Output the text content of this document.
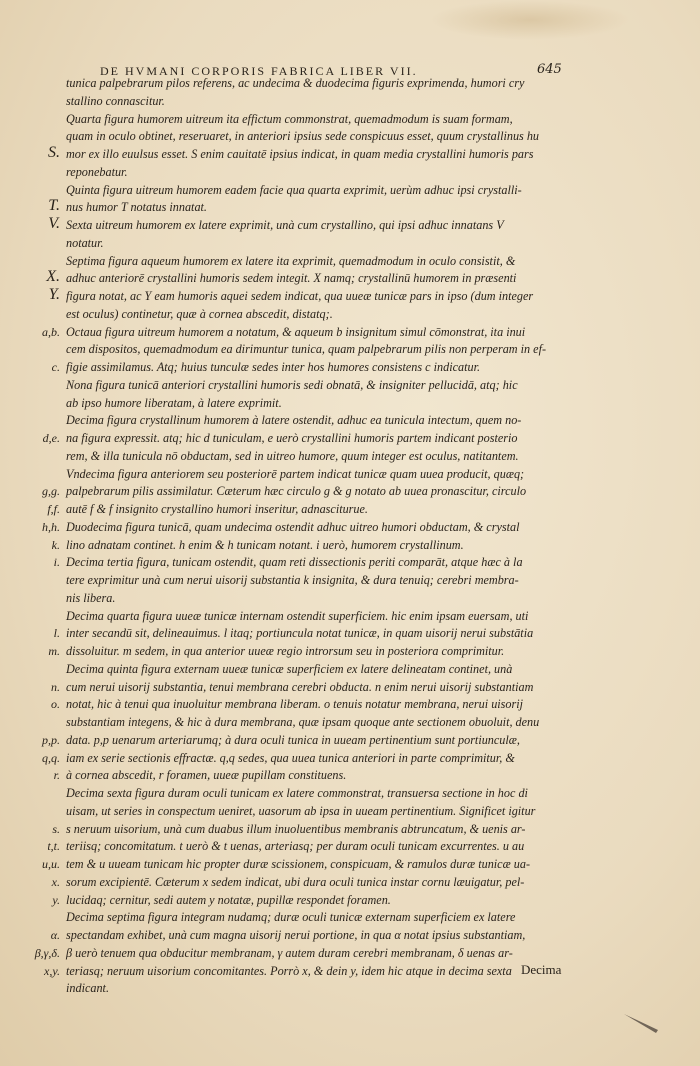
DE HVMANI CORPORIS FABRICA LIBER VII.	645
tunica palpebrarum pilos referens, ac undecima & duodecima figuris exprimenda, humori cry
stallino connascitur.
Quarta figura humorem uitreum ita effictum commonstrat, quemadmodum is suam formam,
quam in oculo obtinet, reseruaret, in anteriori ipsius sede conspicuus esset, quum crystallinus hu
S. mor ex illo euulsus esset. S enim cauitatē ipsius indicat, in quam media crystallini humoris pars
reponebatur.
Quinta figura uitreum humorem eadem facie qua quarta exprimit, uerùm adhuc ipsi crystalli-
T. nus humor T notatus innatat.
V. Sexta uitreum humorem ex latere exprimit, unà cum crystallino, qui ipsi adhuc innatans V
notatur.
Septima figura aqueum humorem ex latere ita exprimit, quemadmodum in oculo consistit, &
X. adhuc anteriorē crystallini humoris sedem integit. X namq; crystallinū humorem in præsenti
Y. figura notat, ac Y eam humoris aquei sedem indicat, qua uueæ tunicæ pars in ipso (dum integer
est oculus) continetur, quæ à cornea abscedit, distatq;.
a,b. Octaua figura uitreum humorem a notatum, & aqueum b insignitum simul cōmonstrat, ita inui
cem dispositos, quemadmodum ea dirimuntur tunica, quam palpebrarum pilis non perperam in ef-
c. figie assimilamus. Atq; huius tunculæ sedes inter hos humores consistens c indicatur.
Nona figura tunicā anteriori crystallini humoris sedi obnatā, & insigniter pellucidā, atq; hic
ab ipso humore liberatam, à latere exprimit.
Decima figura crystallinum humorem à latere ostendit, adhuc ea tunicula intectum, quem no-
d,e. na figura expressit. atq; hic d tuniculam, e uerò crystallini humoris partem indicant posterio
rem, & illa tunicula nō obductam, sed in uitreo humore, quum integer est oculus, natitantem.
Vndecima figura anteriorem seu posteriorē partem indicat tunicæ quam uuea producit, quæq;
g,g. palpebrarum pilis assimilatur. Cæterum hæc circulo g & g notato ab uuea pronascitur, circulo
f,f. autē f & f insignito crystallino humori inseritur, adnasciturue.
h,h. Duodecima figura tunicā, quam undecima ostendit adhuc uitreo humori obductam, & crystal
k. lino adnatam continet. h enim & h tunicam notant. i uerò, humorem crystallinum.
i. Decima tertia figura, tunicam ostendit, quam reti dissectionis periti comparāt, atque hæc à la
tere exprimitur unà cum nerui uisorij substantia k insignita, & dura tenuiq; cerebri membra-
nis libera.
Decima quarta figura uueæ tunicæ internam ostendit superficiem. hic enim ipsam euersam, uti
l. inter secandū sit, delineauimus. l itaq; portiuncula notat tunicæ, in quam uisorij nerui substātia
m. dissoluitur. m sedem, in qua anterior uueæ regio introrsum seu in posteriora comprimitur.
Decima quinta figura externam uueæ tunicæ superficiem ex latere delineatam continet, unà
n. cum nerui uisorij substantia, tenui membrana cerebri obducta. n enim nerui uisorij substantiam
o. notat, hic à tenui qua inuoluitur membrana liberam. o tenuis notatur membrana, nerui uisorij
substantiam integens, & hic à dura membrana, quæ ipsam quoque ante sectionem obuoluit, denu
p,p. data. p,p uenarum arteriarumq; à dura oculi tunica in uueam pertinentium sunt portiunculæ,
q,q. iam ex serie sectionis effractæ. q,q sedes, qua uuea tunica anteriori in parte comprimitur, &
r. à cornea abscedit, r foramen, uueæ pupillam constituens.
Decima sexta figura duram oculi tunicam ex latere commonstrat, transuersa sectione in hoc di
uisam, ut series in conspectum ueniret, uasorum ab ipsa in uueam pertinentium. Significet igitur
s. s neruum uisorium, unà cum duabus illum inuoluentibus membranis abtruncatum, & uenis ar-
t,t. teriisq; concomitatum. t uerò & t uenas, arteriasq; per duram oculi tunicam excurrentes. u au
u,u. tem & u uueam tunicam hic propter duræ scissionem, conspicuam, & ramulos duræ tunicæ ua-
x. sorum excipientē. Cæterum x sedem indicat, ubi dura oculi tunica instar cornu læuigatur, pel-
y. lucidaq; cernitur, sedi autem y notatæ, pupillæ respondet foramen.
Decima septima figura integram nudamq; duræ oculi tunicæ externam superficiem ex latere
α. spectandam exhibet, unà cum magna uisorij nerui portione, in qua α notat ipsius substantiam,
β,γ,δ. β uerò tenuem qua obducitur membranam, γ autem duram cerebri membranam, δ uenas ar-
x,y. teriasq; neruum uisorium concomitantes. Porrò x, & dein y, idem hic atque in decima sexta
indicant.
Decima
